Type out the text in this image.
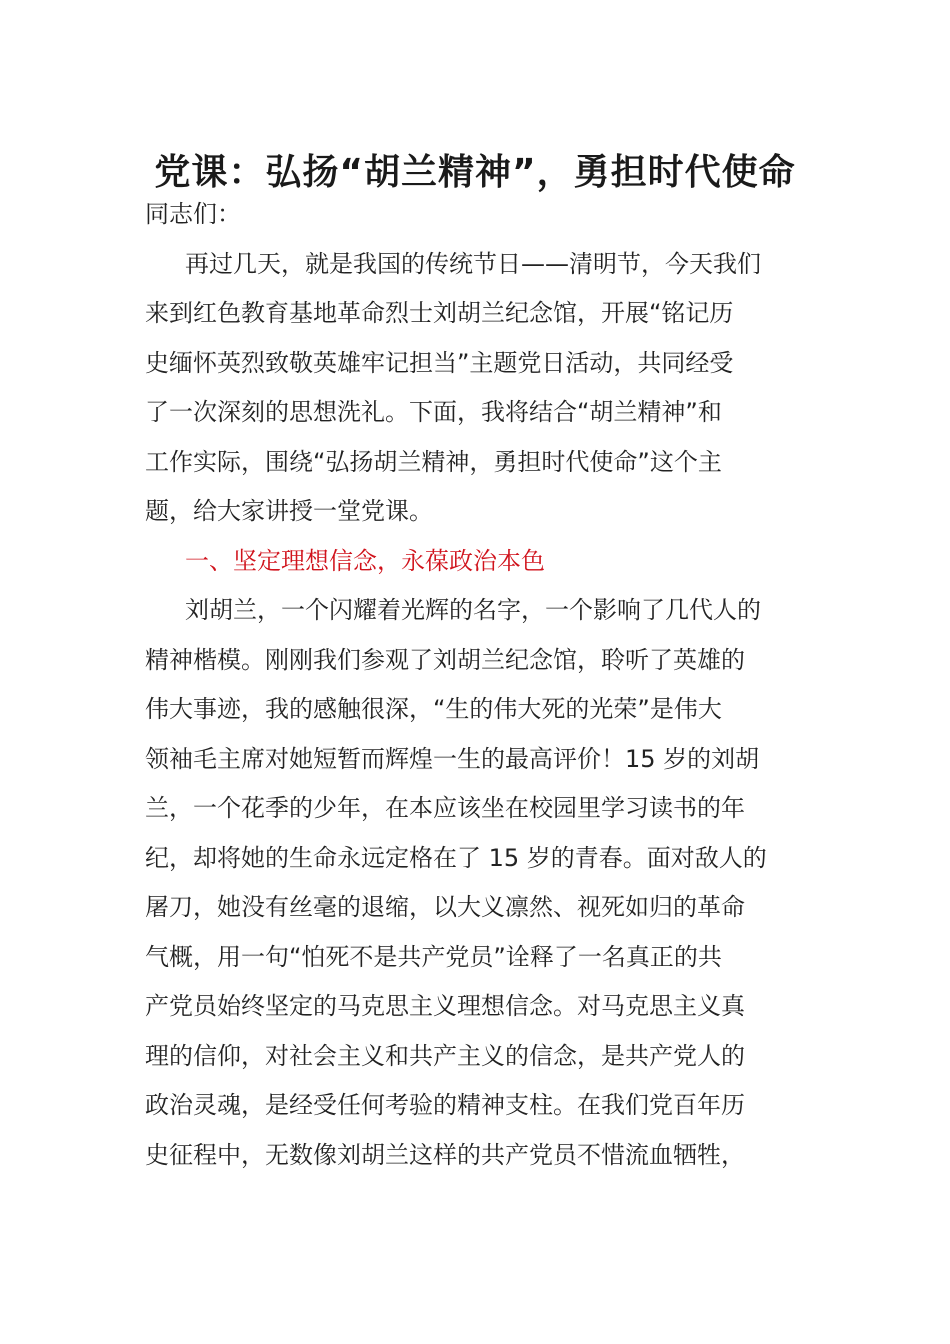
党课：弘扬“胡兰精神”，勇担时代使命
同志们：
再过几天，就是我国的传统节日——清明节，今天我们
来到红色教育基地革命烈士刘胡兰纪念馆，开展“铭记历
史缅怀英烈致敬英雄牢记担当”主题党日活动，共同经受
了一次深刻的思想洗礼。下面，我将结合“胡兰精神”和
工作实际，围绕“弘扬胡兰精神，勇担时代使命”这个主
题，给大家讲授一堂党课。
一、坚定理想信念，永葆政治本色
刘胡兰，一个闪耀着光辉的名字，一个影响了几代人的
精神楷模。刚刚我们参观了刘胡兰纪念馆，聆听了英雄的
伟大事迹，我的感触很深，“生的伟大死的光荣”是伟大
领袖毛主席对她短暂而辉煌一生的最高评价！15 岁的刘胡
兰，一个花季的少年，在本应该坐在校园里学习读书的年
纪，却将她的生命永远定格在了 15 岁的青春。面对敌人的
屠刀，她没有丝毫的退缩，以大义凛然、视死如归的革命
气概，用一句“怕死不是共产党员”诠释了一名真正的共
产党员始终坚定的马克思主义理想信念。对马克思主义真
理的信仰，对社会主义和共产主义的信念，是共产党人的
政治灵魂，是经受任何考验的精神支柱。在我们党百年历
史征程中，无数像刘胡兰这样的共产党员不惜流血牺牲，
